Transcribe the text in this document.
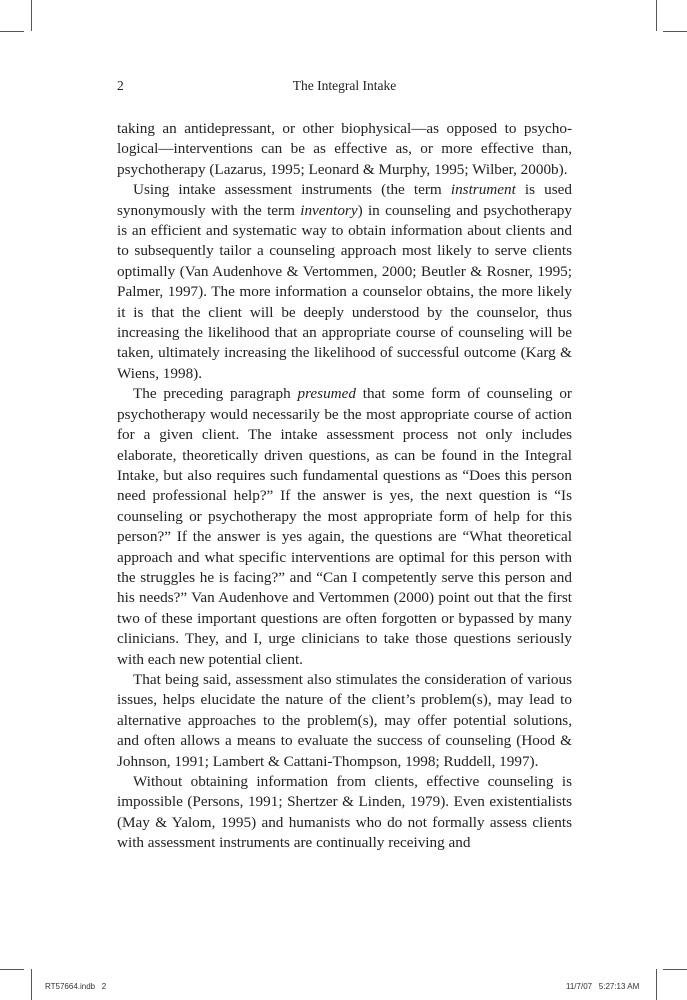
2	The Integral Intake

taking an antidepressant, or other biophysical—as opposed to psychological—interventions can be as effective as, or more effective than, psychotherapy (Lazarus, 1995; Leonard & Murphy, 1995; Wilber, 2000b).

Using intake assessment instruments (the term instrument is used synonymously with the term inventory) in counseling and psychotherapy is an efficient and systematic way to obtain information about clients and to subsequently tailor a counseling approach most likely to serve clients optimally (Van Audenhove & Vertommen, 2000; Beutler & Rosner, 1995; Palmer, 1997). The more information a counselor obtains, the more likely it is that the client will be deeply understood by the counselor, thus increasing the likelihood that an appropriate course of counseling will be taken, ultimately increasing the likelihood of successful outcome (Karg & Wiens, 1998).

The preceding paragraph presumed that some form of counseling or psychotherapy would necessarily be the most appropriate course of action for a given client. The intake assessment process not only includes elaborate, theoretically driven questions, as can be found in the Integral Intake, but also requires such fundamental questions as “Does this person need professional help?” If the answer is yes, the next question is “Is counseling or psychotherapy the most appropriate form of help for this person?” If the answer is yes again, the questions are “What theoretical approach and what specific interventions are optimal for this person with the struggles he is facing?” and “Can I competently serve this person and his needs?” Van Audenhove and Vertommen (2000) point out that the first two of these important questions are often forgotten or bypassed by many clinicians. They, and I, urge clinicians to take those questions seriously with each new potential client.

That being said, assessment also stimulates the consideration of various issues, helps elucidate the nature of the client’s problem(s), may lead to alternative approaches to the problem(s), may offer potential solutions, and often allows a means to evaluate the success of counseling (Hood & Johnson, 1991; Lambert & Cattani-Thompson, 1998; Ruddell, 1997).

Without obtaining information from clients, effective counseling is impossible (Persons, 1991; Shertzer & Linden, 1979). Even existentialists (May & Yalom, 1995) and humanists who do not formally assess clients with assessment instruments are continually receiving and

RT57664.indb   2	11/7/07   5:27:13 AM
